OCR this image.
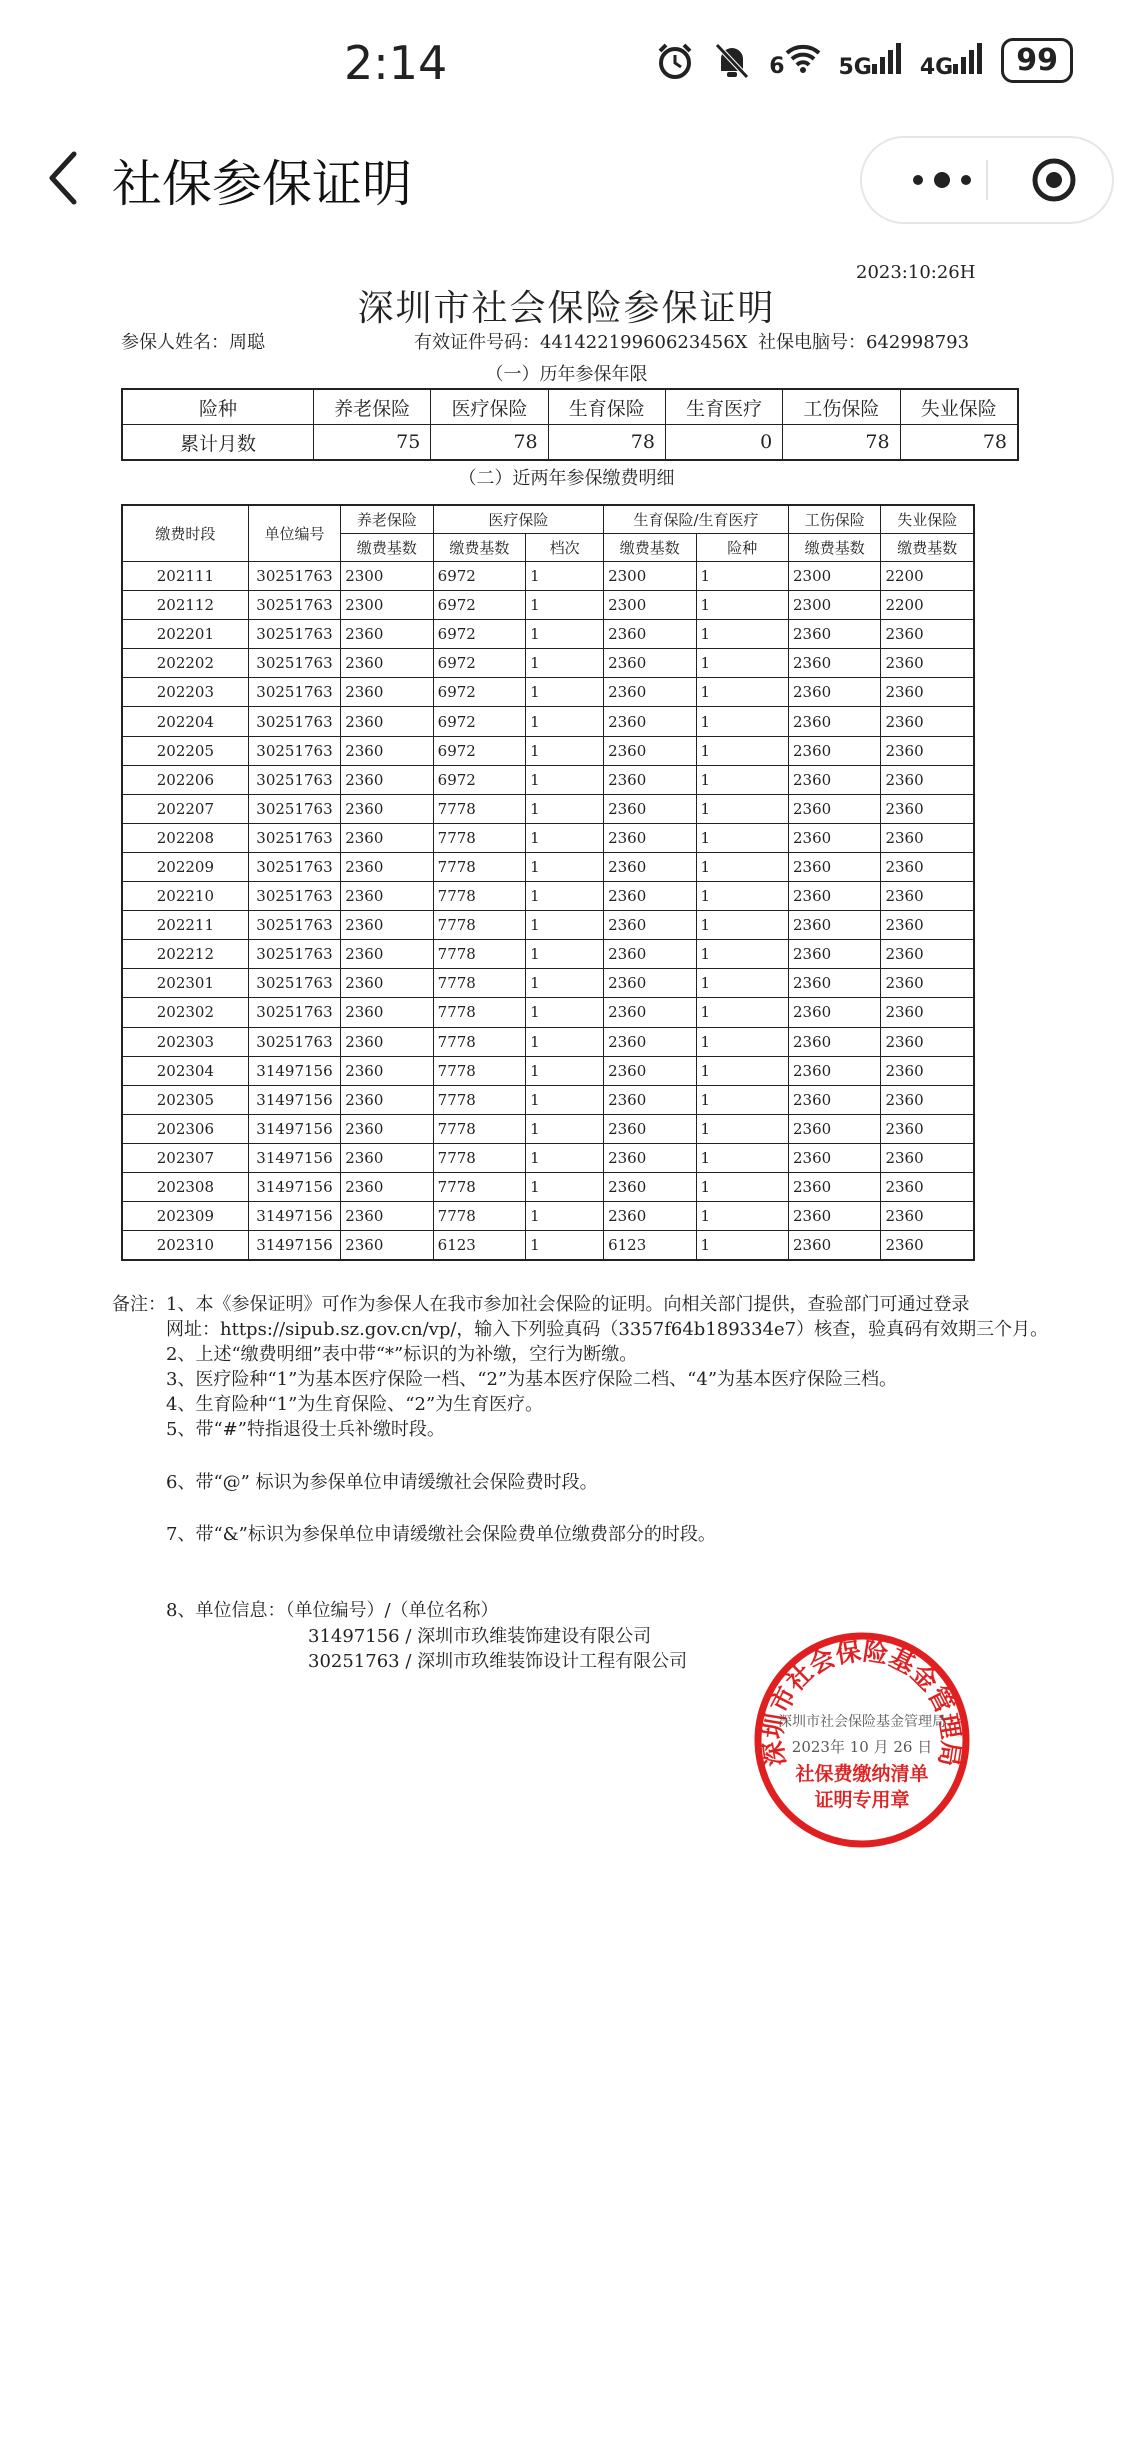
2:14	6	5G	4G	99
社保参保证明
2023:10:26H
深圳市社会保险参保证明
参保人姓名：周聪	有效证件号码：44142219960623456X 社保电脑号：642998793
（一）历年参保年限
险种	养老保险	医疗保险	生育保险	生育医疗	工伤保险	失业保险
累计月数	75	78	78	0	78	78
（二）近两年参保缴费明细
缴费时段	单位编号	养老保险	医疗保险		生育保险/生育医疗		工伤保险	失业保险
		缴费基数	缴费基数	档次	缴费基数	险种	缴费基数	缴费基数
202111	30251763	2300	6972	1	2300	1	2300	2200
202112	30251763	2300	6972	1	2300	1	2300	2200
202201	30251763	2360	6972	1	2360	1	2360	2360
202202	30251763	2360	6972	1	2360	1	2360	2360
202203	30251763	2360	6972	1	2360	1	2360	2360
202204	30251763	2360	6972	1	2360	1	2360	2360
202205	30251763	2360	6972	1	2360	1	2360	2360
202206	30251763	2360	6972	1	2360	1	2360	2360
202207	30251763	2360	7778	1	2360	1	2360	2360
202208	30251763	2360	7778	1	2360	1	2360	2360
202209	30251763	2360	7778	1	2360	1	2360	2360
202210	30251763	2360	7778	1	2360	1	2360	2360
202211	30251763	2360	7778	1	2360	1	2360	2360
202212	30251763	2360	7778	1	2360	1	2360	2360
202301	30251763	2360	7778	1	2360	1	2360	2360
202302	30251763	2360	7778	1	2360	1	2360	2360
202303	30251763	2360	7778	1	2360	1	2360	2360
202304	31497156	2360	7778	1	2360	1	2360	2360
202305	31497156	2360	7778	1	2360	1	2360	2360
202306	31497156	2360	7778	1	2360	1	2360	2360
202307	31497156	2360	7778	1	2360	1	2360	2360
202308	31497156	2360	7778	1	2360	1	2360	2360
202309	31497156	2360	7778	1	2360	1	2360	2360
202310	31497156	2360	6123	1	6123	1	2360	2360
备注：1、本《参保证明》可作为参保人在我市参加社会保险的证明。向相关部门提供，查验部门可通过登录
网址：https://sipub.sz.gov.cn/vp/，输入下列验真码（3357f64b189334e7）核查，验真码有效期三个月。
2、上述“缴费明细”表中带“*”标识的为补缴，空行为断缴。
3、医疗险种“1”为基本医疗保险一档、“2”为基本医疗保险二档、“4”为基本医疗保险三档。
4、生育险种“1”为生育保险、“2”为生育医疗。
5、带“#”特指退役士兵补缴时段。
6、带“@” 标识为参保单位申请缓缴社会保险费时段。
7、带“&”标识为参保单位申请缓缴社会保险费单位缴费部分的时段。
8、单位信息：（单位编号）/（单位名称）
31497156 / 深圳市玖维装饰建设有限公司
30251763 / 深圳市玖维装饰设计工程有限公司
深圳市社会保险基金管理局
深圳市社会保险基金管理局
2023年 10 月 26 日
社保费缴纳清单
证明专用章
